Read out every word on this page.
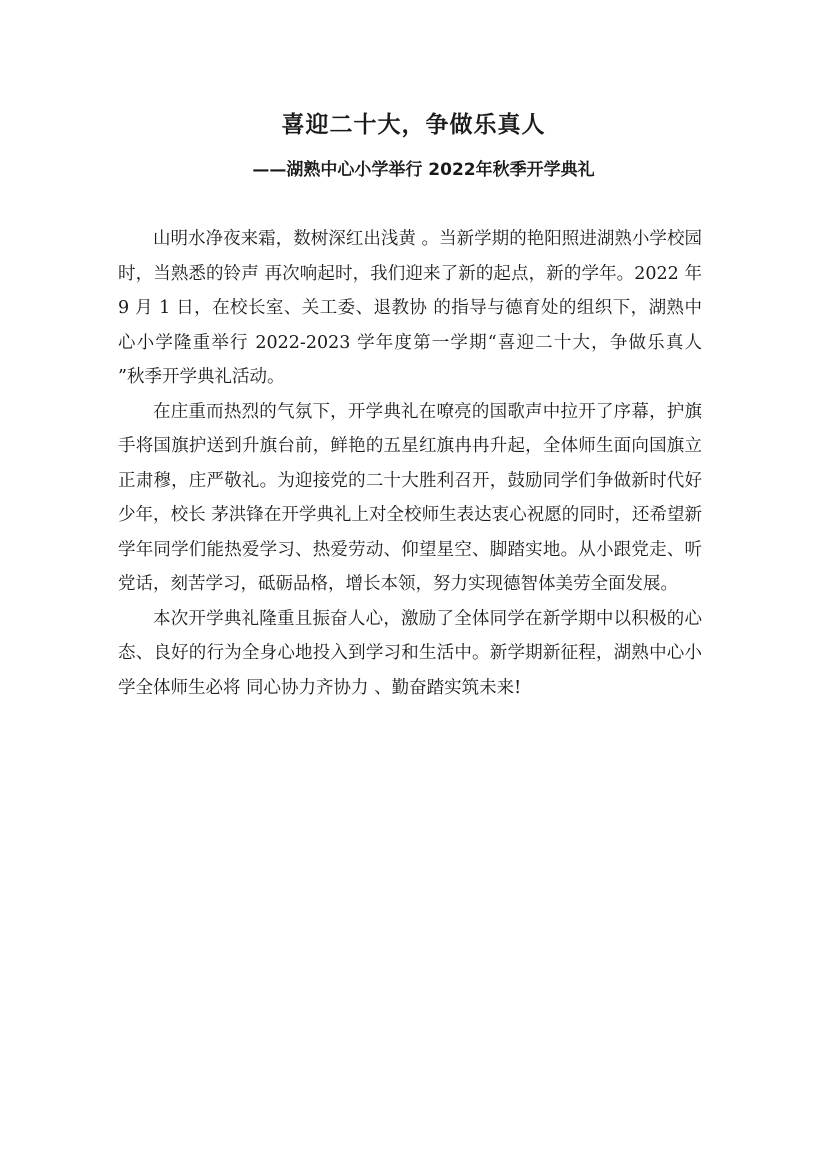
喜迎二十大，争做乐真人
——湖熟中心小学举行 2022年秋季开学典礼

山明水净夜来霜，数树深红出浅黄 。当新学期的艳阳照进湖熟小学校园时，当熟悉的铃声 再次响起时，我们迎来了新的起点，新的学年。2022 年 9 月 1 日，在校长室、关工委、退教协 的指导与德育处的组织下，湖熟中心小学隆重举行 2022-2023 学年度第一学期“喜迎二十大，争做乐真人 ”秋季开学典礼活动。

在庄重而热烈的气氛下，开学典礼在嘹亮的国歌声中拉开了序幕，护旗手将国旗护送到升旗台前，鲜艳的五星红旗冉冉升起，全体师生面向国旗立正肃穆，庄严敬礼。为迎接党的二十大胜利召开，鼓励同学们争做新时代好少年，校长 茅洪锋在开学典礼上对全校师生表达衷心祝愿的同时，还希望新学年同学们能热爱学习、热爱劳动、仰望星空、脚踏实地。从小跟党走、听党话，刻苦学习，砥砺品格，增长本领，努力实现德智体美劳全面发展。

本次开学典礼隆重且振奋人心，激励了全体同学在新学期中以积极的心态、良好的行为全身心地投入到学习和生活中。新学期新征程，湖熟中心小学全体师生必将 同心协力齐协力 、勤奋踏实筑未来!
